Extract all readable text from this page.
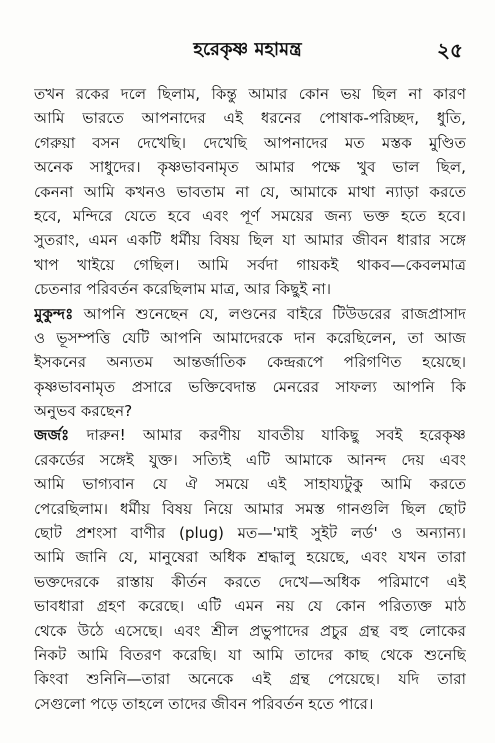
হরেকৃষ্ণ মহামন্ত্র	২৫
তখন রকের দলে ছিলাম, কিন্তু আমার কোন ভয় ছিল না কারণ
আমি ভারতে আপনাদের এই ধরনের পোষাক-পরিচ্ছদ, ধুতি,
গেরুয়া বসন দেখেছি। দেখেছি আপনাদের মত মস্তক মুণ্ডিত
অনেক সাধুদের। কৃষ্ণভাবনামৃত আমার পক্ষে খুব ভাল ছিল,
কেননা আমি কখনও ভাবতাম না যে, আমাকে মাথা ন্যাড়া করতে
হবে, মন্দিরে যেতে হবে এবং পূর্ণ সময়ের জন্য ভক্ত হতে হবে।
সুতরাং, এমন একটি ধর্মীয় বিষয় ছিল যা আমার জীবন ধারার সঙ্গে
খাপ খাইয়ে গেছিল। আমি সর্বদা গায়কই থাকব—কেবলমাত্র
চেতনার পরিবর্তন করেছিলাম মাত্র, আর কিছুই না।
মুকুন্দঃ আপনি শুনেছেন যে, লণ্ডনের বাইরে টিউডরের রাজপ্রাসাদ
ও ভূসম্পত্তি যেটি আপনি আমাদেরকে দান করেছিলেন, তা আজ
ইসকনের অন্যতম আন্তর্জাতিক কেন্দ্ররূপে পরিগণিত হয়েছে।
কৃষ্ণভাবনামৃত প্রসারে ভক্তিবেদান্ত মেনরের সাফল্য আপনি কি
অনুভব করছেন?
জর্জঃ দারুন! আমার করণীয় যাবতীয় যাকিছু সবই হরেকৃষ্ণ
রেকর্ডের সঙ্গেই যুক্ত। সত্যিই এটি আমাকে আনন্দ দেয় এবং
আমি ভাগ্যবান যে ঐ সময়ে এই সাহায্যটুকু আমি করতে
পেরেছিলাম। ধর্মীয় বিষয় নিয়ে আমার সমস্ত গানগুলি ছিল ছোট
ছোট প্রশংসা বাণীর (plug) মত—'মাই সুইট লর্ড' ও অন্যান্য।
আমি জানি যে, মানুষেরা অধিক শ্রদ্ধালু হয়েছে, এবং যখন তারা
ভক্তদেরকে রাস্তায় কীর্তন করতে দেখে—অধিক পরিমাণে এই
ভাবধারা গ্রহণ করেছে। এটি এমন নয় যে কোন পরিত্যক্ত মাঠ
থেকে উঠে এসেছে। এবং শ্রীল প্রভুপাদের প্রচুর গ্রন্থ বহু লোকের
নিকট আমি বিতরণ করেছি। যা আমি তাদের কাছ থেকে শুনেছি
কিংবা শুনিনি—তারা অনেকে এই গ্রন্থ পেয়েছে। যদি তারা
সেগুলো পড়ে তাহলে তাদের জীবন পরিবর্তন হতে পারে।
